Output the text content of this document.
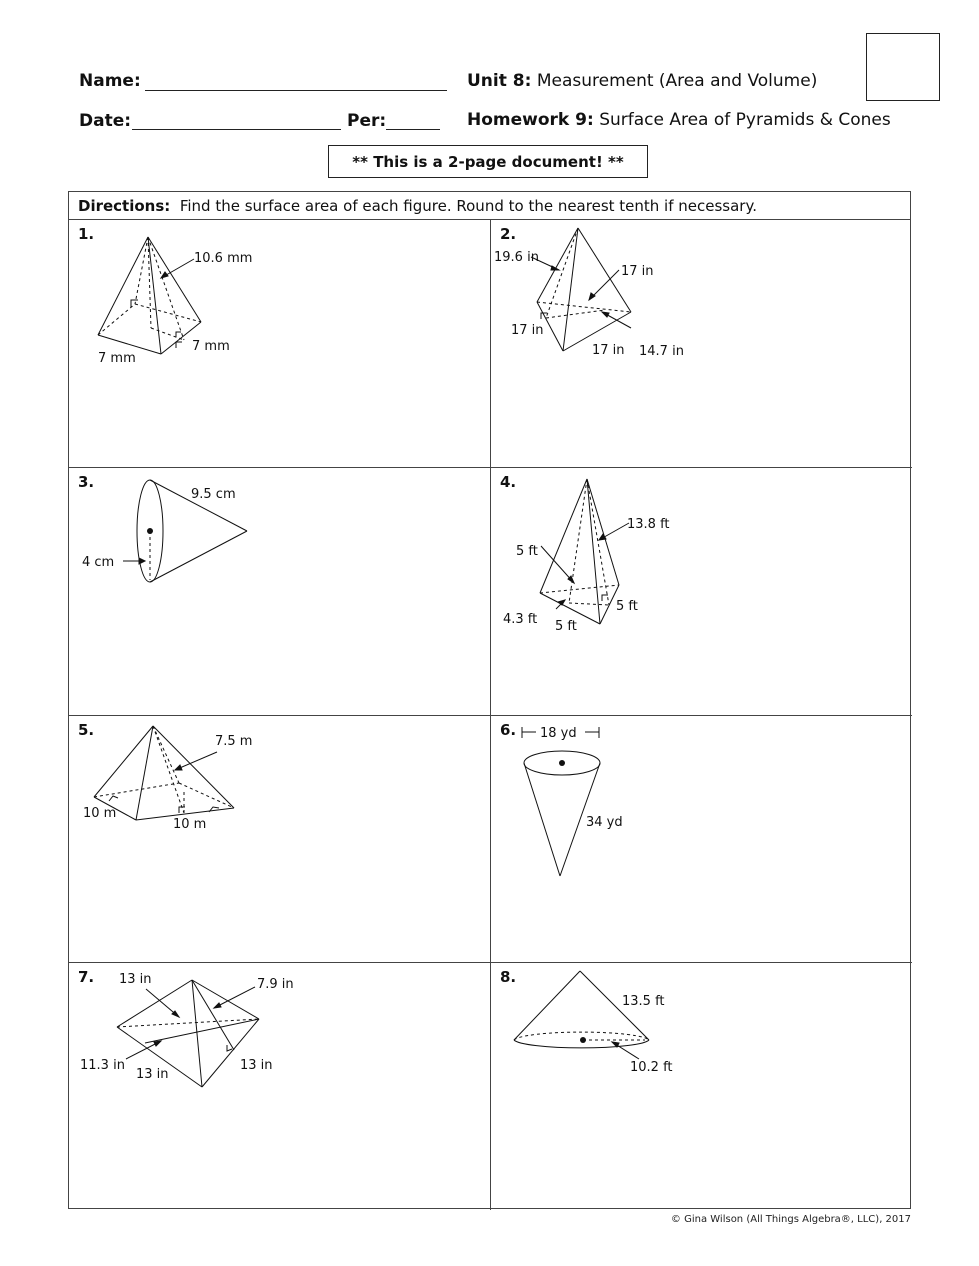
Name:
Date:	Per:
Unit 8: Measurement (Area and Volume)
Homework 9: Surface Area of Pyramids & Cones
** This is a 2-page document! **
Directions: Find the surface area of each figure. Round to the nearest tenth if necessary.
1.
10.6 mm
7 mm
7 mm
2.
19.6 in
17 in
17 in
17 in 14.7 in
3.
9.5 cm
4 cm
4.
13.8 ft
5 ft
5 ft
4.3 ft 5 ft
5.
7.5 m
10 m
10 m
6. 18 yd
34 yd
7. 13 in	7.9 in
11.3 in
13 in
13 in
8.
13.5 ft
10.2 ft
© Gina Wilson (All Things Algebra®, LLC), 2017
